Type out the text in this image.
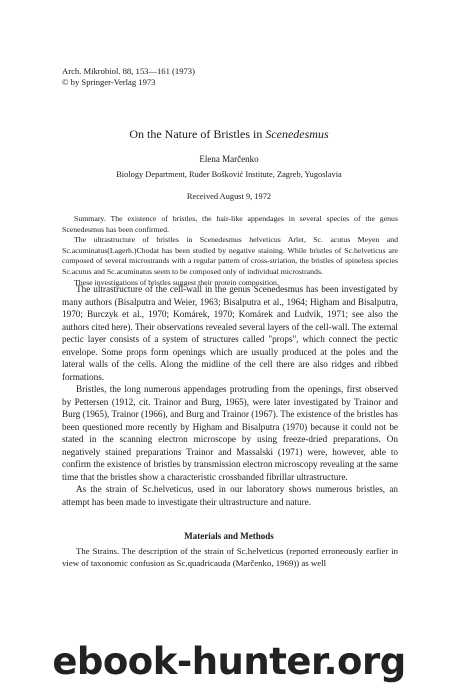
Arch. Mikrobiol. 88, 153—161 (1973)
© by Springer-Verlag 1973
On the Nature of Bristles in Scenedesmus
Elena Marčenko
Biology Department, Ruđer Bošković Institute, Zagreb, Yugoslavia
Received August 9, 1972

Summary. The existence of bristles, the hair-like appendages in several species of the genus Scenedesmus has been confirmed.

The ultrastructure of bristles in Scenedesmus helveticus Arlet, Sc. acutus Meyen and Sc.acuminatus(Lagerh.)Chodat has been studied by negative staining. While bristles of Sc.helveticus are composed of several microstrands with a regular pattern of cross-striation, the bristles of spineless species Sc.acutus and Sc.acuminatus seem to be composed only of individual microstrands.

These investigations of bristles suggest their protein composition.

The ultrastructure of the cell-wall in the genus Scenedesmus has been investigated by many authors (Bisalputra and Weier, 1963; Bisalputra et al., 1964; Higham and Bisalputra, 1970; Burczyk et al., 1970; Komárek, 1970; Komárek and Ludvik, 1971; see also the authors cited here). Their observations revealed several layers of the cell-wall. The external pectic layer consists of a system of structures called "props", which connect the pectic envelope. Some props form openings which are usually produced at the poles and the lateral walls of the cells. Along the midline of the cell there are also ridges and ribbed formations.

Bristles, the long numerous appendages protruding from the openings, first observed by Pettersen (1912, cit. Trainor and Burg, 1965), were later investigated by Trainor and Burg (1965), Trainor (1966), and Burg and Trainor (1967). The existence of the bristles has been questioned more recently by Higham and Bisalputra (1970) because it could not be stated in the scanning electron microscope by using freeze-dried preparations. On negatively stained preparations Trainor and Massalski (1971) were, however, able to confirm the existence of bristles by transmission electron microscopy revealing at the same time that the bristles show a characteristic crossbanded fibrillar ultrastructure.

As the strain of Sc.helveticus, used in our laboratory shows numerous bristles, an attempt has been made to investigate their ultrastructure and nature.

Materials and Methods

The Strains. The description of the strain of Sc.helveticus (reported erroneously earlier in view of taxonomic confusion as Sc.quadricauda (Marčenko, 1969)) as well

ebook-hunter.org
